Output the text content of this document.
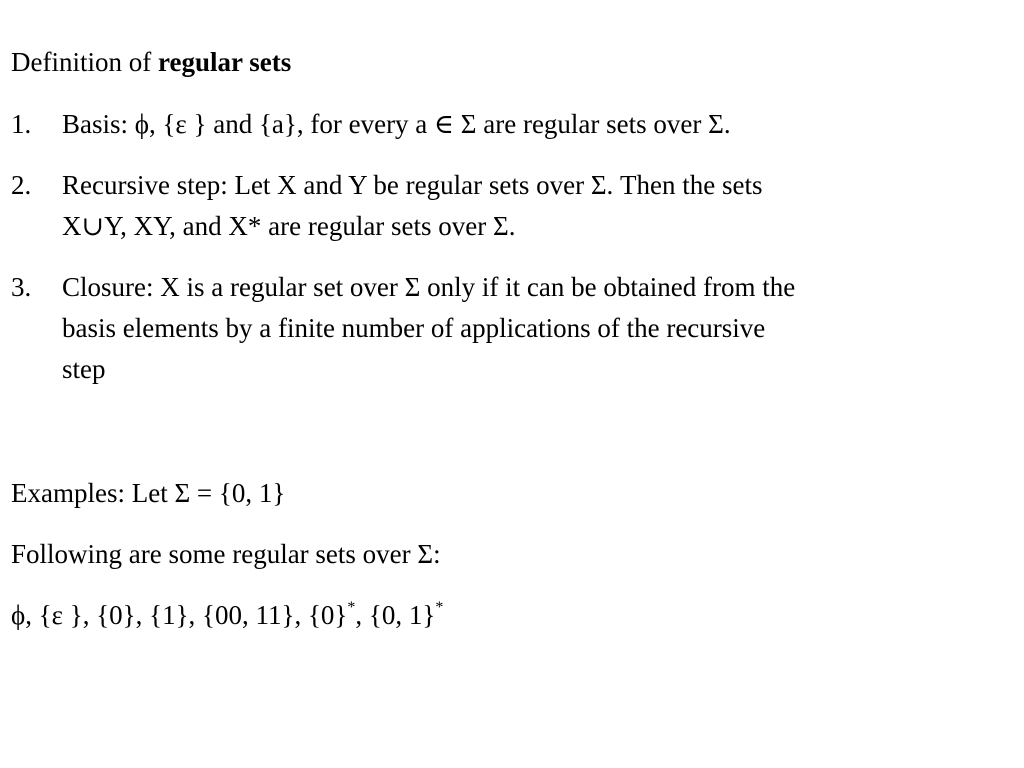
Definition of regular sets
1. Basis: ϕ, {ε } and {a}, for every a ∈ Σ are regular sets over Σ.
2. Recursive step: Let X and Y be regular sets over Σ. Then the sets
X∪Y, XY, and X* are regular sets over Σ.
3. Closure: X is a regular set over Σ only if it can be obtained from the
basis elements by a finite number of applications of the recursive
step
Examples: Let Σ = {0, 1}
Following are some regular sets over Σ:
ϕ, {ε }, {0}, {1}, {00, 11}, {0}*, {0, 1}*
